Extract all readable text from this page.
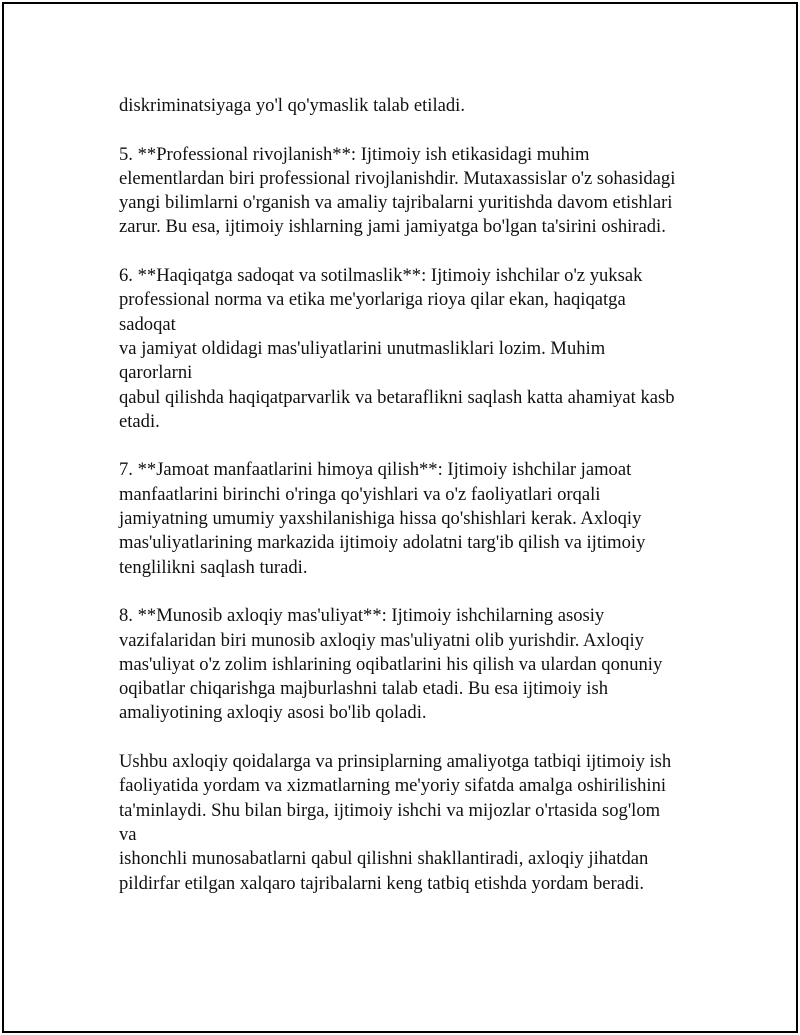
diskriminatsiyaga yo'l qo'ymaslik talab etiladi.

5. **Professional rivojlanish**: Ijtimoiy ish etikasidagi muhim
elementlardan biri professional rivojlanishdir. Mutaxassislar o'z sohasidagi
yangi bilimlarni o'rganish va amaliy tajribalarni yuritishda davom etishlari
zarur. Bu esa, ijtimoiy ishlarning jami jamiyatga bo'lgan ta'sirini oshiradi.

6. **Haqiqatga sadoqat va sotilmaslik**: Ijtimoiy ishchilar o'z yuksak
professional norma va etika me'yorlariga rioya qilar ekan, haqiqatga sadoqat
va jamiyat oldidagi mas'uliyatlarini unutmasliklari lozim. Muhim qarorlarni
qabul qilishda haqiqatparvarlik va betaraflikni saqlash katta ahamiyat kasb
etadi.

7. **Jamoat manfaatlarini himoya qilish**: Ijtimoiy ishchilar jamoat
manfaatlarini birinchi o'ringa qo'yishlari va o'z faoliyatlari orqali
jamiyatning umumiy yaxshilanishiga hissa qo'shishlari kerak. Axloqiy
mas'uliyatlarining markazida ijtimoiy adolatni targ'ib qilish va ijtimoiy
tenglilikni saqlash turadi.

8. **Munosib axloqiy mas'uliyat**: Ijtimoiy ishchilarning asosiy
vazifalaridan biri munosib axloqiy mas'uliyatni olib yurishdir. Axloqiy
mas'uliyat o'z zolim ishlarining oqibatlarini his qilish va ulardan qonuniy
oqibatlar chiqarishga majburlashni talab etadi. Bu esa ijtimoiy ish
amaliyotining axloqiy asosi bo'lib qoladi.

Ushbu axloqiy qoidalarga va prinsiplarning amaliyotga tatbiqi ijtimoiy ish
faoliyatida yordam va xizmatlarning me'yoriy sifatda amalga oshirilishini
ta'minlaydi. Shu bilan birga, ijtimoiy ishchi va mijozlar o'rtasida sog'lom va
ishonchli munosabatlarni qabul qilishni shakllantiradi, axloqiy jihatdan
pildirfar etilgan xalqaro tajribalarni keng tatbiq etishda yordam beradi.
